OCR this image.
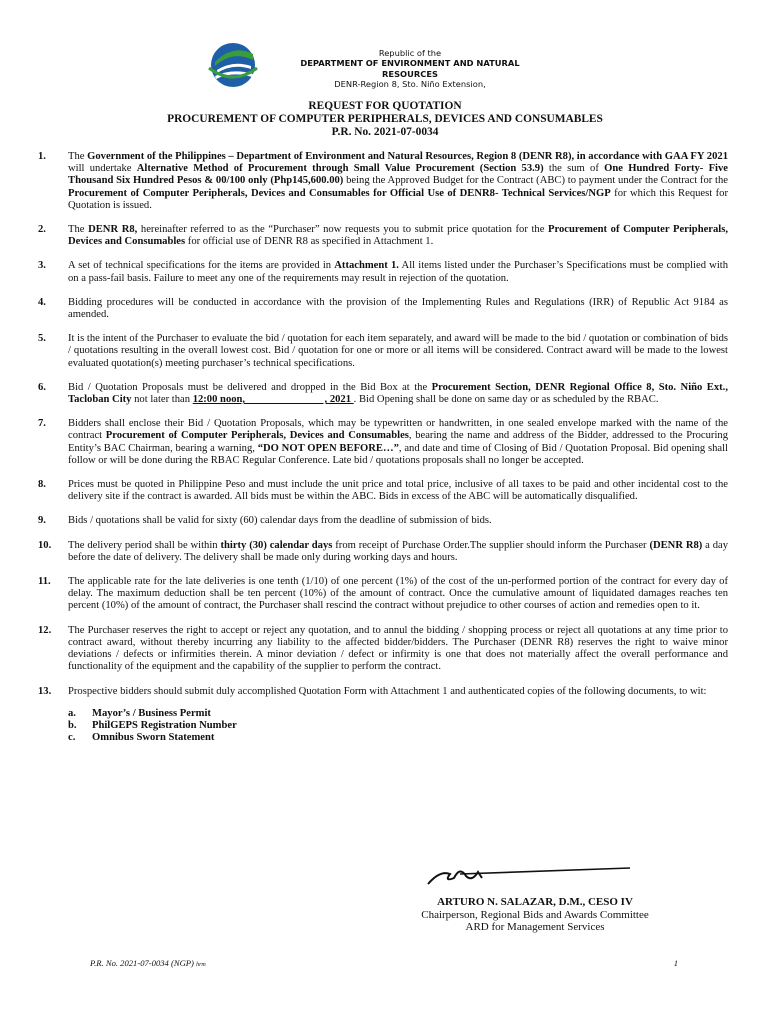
Republic of the
DEPARTMENT OF ENVIRONMENT AND NATURAL
RESOURCES
DENR-Region 8, Sto. Niño Extension,
REQUEST FOR QUOTATION
PROCUREMENT OF COMPUTER PERIPHERALS, DEVICES AND CONSUMABLES
P.R. No. 2021-07-0034
1.	The Government of the Philippines – Department of Environment and Natural Resources, Region 8 (DENR R8), in accordance with GAA FY 2021 will undertake Alternative Method of Procurement through Small Value Procurement (Section 53.9) the sum of One Hundred Forty- Five Thousand Six Hundred Pesos & 00/100 only (Php145,600.00) being the Approved Budget for the Contract (ABC) to payment under the Contract for the Procurement of Computer Peripherals, Devices and Consumables for Official Use of DENR8- Technical Services/NGP for which this Request for Quotation is issued.
2.	The DENR R8, hereinafter referred to as the “Purchaser” now requests you to submit price quotation for the Procurement of Computer Peripherals, Devices and Consumables for official use of DENR R8 as specified in Attachment 1.
3.	A set of technical specifications for the items are provided in Attachment 1. All items listed under the Purchaser’s Specifications must be complied with on a pass-fail basis. Failure to meet any one of the requirements may result in rejection of the quotation.
4.	Bidding procedures will be conducted in accordance with the provision of the Implementing Rules and Regulations (IRR) of Republic Act 9184 as amended.
5.	It is the intent of the Purchaser to evaluate the bid / quotation for each item separately, and award will be made to the bid / quotation or combination of bids / quotations resulting in the overall lowest cost. Bid / quotation for one or more or all items will be considered. Contract award will be made to the lowest evaluated quotation(s) meeting purchaser’s technical specifications.
6.	Bid / Quotation Proposals must be delivered and dropped in the Bid Box at the Procurement Section, DENR Regional Office 8, Sto. Niño Ext., Tacloban City not later than 12:00 noon,                              , 2021 . Bid Opening shall be done on same day or as scheduled by the RBAC.
7.	Bidders shall enclose their Bid / Quotation Proposals, which may be typewritten or handwritten, in one sealed envelope marked with the name of the contract Procurement of Computer Peripherals, Devices and Consumables, bearing the name and address of the Bidder, addressed to the Procuring Entity’s BAC Chairman, bearing a warning, “DO NOT OPEN BEFORE…”, and date and time of Closing of Bid / Quotation Proposal. Bid opening shall follow or will be done during the RBAC Regular Conference. Late bid / quotations proposals shall no longer be accepted.
8.	Prices must be quoted in Philippine Peso and must include the unit price and total price, inclusive of all taxes to be paid and other incidental cost to the delivery site if the contract is awarded. All bids must be within the ABC. Bids in excess of the ABC will be automatically disqualified.
9.	Bids / quotations shall be valid for sixty (60) calendar days from the deadline of submission of bids.
10.	The delivery period shall be within thirty (30) calendar days from receipt of Purchase Order.The supplier should inform the Purchaser (DENR R8) a day before the date of delivery. The delivery shall be made only during working days and hours.
11.	The applicable rate for the late deliveries is one tenth (1/10) of one percent (1%) of the cost of the un-performed portion of the contract for every day of delay. The maximum deduction shall be ten percent (10%) of the amount of contract. Once the cumulative amount of liquidated damages reaches ten percent (10%) of the amount of contract, the Purchaser shall rescind the contract without prejudice to other courses of action and remedies open to it.
12.	The Purchaser reserves the right to accept or reject any quotation, and to annul the bidding / shopping process or reject all quotations at any time prior to contract award, without thereby incurring any liability to the affected bidder/bidders. The Purchaser (DENR R8) reserves the right to waive minor deviations / defects or infirmities therein. A minor deviation / defect or infirmity is one that does not materially affect the overall performance and functionality of the equipment and the capability of the supplier to perform the contract.
13.	Prospective bidders should submit duly accomplished Quotation Form with Attachment 1 and authenticated copies of the following documents, to wit:
a.	Mayor’s / Business Permit
b.	PhilGEPS Registration Number
c.	Omnibus Sworn Statement
ARTURO N. SALAZAR, D.M., CESO IV
Chairperson, Regional Bids and Awards Committee
ARD for Management Services
P.R. No. 2021-07-0034 (NGP) hrm	1
